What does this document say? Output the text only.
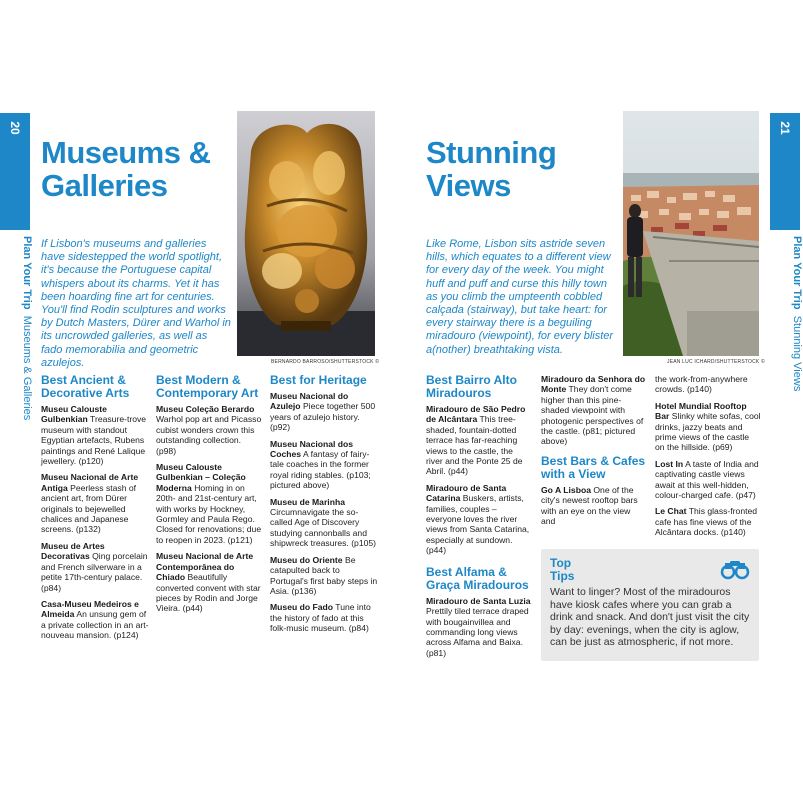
20
Plan Your Trip  Museums & Galleries
Museums &
Galleries

If Lisbon's museums and galleries have sidestepped the world spotlight, it's because the Portuguese capital whispers about its charms. Yet it has been hoarding fine art for centuries. You'll find Rodin sculptures and works by Dutch Masters, Dürer and Warhol in its uncrowded galleries, as well as fado memorabilia and geometric azulejos.	BERNARDO BARROSO/SHUTTERSTOCK ©
Best Ancient & Decorative Arts

Museu Calouste Gulbenkian Treasure-trove museum with standout Egyptian artefacts, Rubens paintings and René Lalique jewellery. (p120)

Museu Nacional de Arte Antiga Peerless stash of ancient art, from Dürer originals to bejewelled chalices and Japanese screens. (p132)

Museu de Artes Decorativas Qing porcelain and French silverware in a petite 17th-century palace. (p84)

Casa-Museu Medeiros e Almeida An unsung gem of a private collection in an art-nouveau mansion. (p124)

Best Modern & Contemporary Art

Museu Coleção Berardo Warhol pop art and Picasso cubist wonders crown this outstanding collection. (p98)

Museu Calouste Gulbenkian – Coleção Moderna Homing in on 20th- and 21st-century art, with works by Hockney, Gormley and Paula Rego. Closed for renovations; due to reopen in 2023. (p121)

Museu Nacional de Arte Contemporânea do Chiado Beautifully converted convent with star pieces by Rodin and Jorge Vieira. (p44)

Best for Heritage

Museu Nacional do Azulejo Piece together 500 years of azulejo history. (p92)

Museu Nacional dos Coches A fantasy of fairy-tale coaches in the former royal riding stables. (p103; pictured above)

Museu de Marinha Circumnavigate the so-called Age of Discovery studying cannonballs and shipwreck treasures. (p105)

Museu do Oriente Be catapulted back to Portugal's first baby steps in Asia. (p136)

Museu do Fado Tune into the history of fado at this folk-music museum. (p84)

21
Plan Your Trip  Stunning Views
Stunning
Views

Like Rome, Lisbon sits astride seven hills, which equates to a different view for every day of the week. You might huff and puff and curse this hilly town as you climb the umpteenth cobbled calçada (stairway), but take heart: for every stairway there is a beguiling miradouro (viewpoint), for every blister a(nother) breathtaking vista.

JEAN LUC ICHARD/SHUTTERSTOCK ©
Best Bairro Alto Miradouros

Miradouro de São Pedro de Alcântara This tree-shaded, fountain-dotted terrace has far-reaching views to the castle, the river and the Ponte 25 de Abril. (p44)

Miradouro de Santa Catarina Buskers, artists, families, couples – everyone loves the river views from Santa Catarina, especially at sundown. (p44)

Best Alfama & Graça Miradouros

Miradouro de Santa Luzia Prettily tiled terrace draped with bougainvillea and commanding long views across Alfama and Baixa. (p81)

Miradouro da Senhora do Monte They don't come higher than this pine-shaded viewpoint with photogenic perspectives of the castle. (p81; pictured above)

Best Bars & Cafes with a View

Go A Lisboa One of the city's newest rooftop bars with an eye on the view and

the work-from-anywhere crowds. (p140)

Hotel Mundial Rooftop Bar Slinky white sofas, cool drinks, jazzy beats and prime views of the castle on the hillside. (p69)

Lost In A taste of India and captivating castle views await at this well-hidden, colour-charged cafe. (p47)

Le Chat This glass-fronted cafe has fine views of the Alcântara docks. (p140)

Top
Tips

Want to linger? Most of the miradouros have kiosk cafes where you can grab a drink and snack. And don't just visit the city by day: evenings, when the city is aglow, can be just as atmospheric, if not more.
